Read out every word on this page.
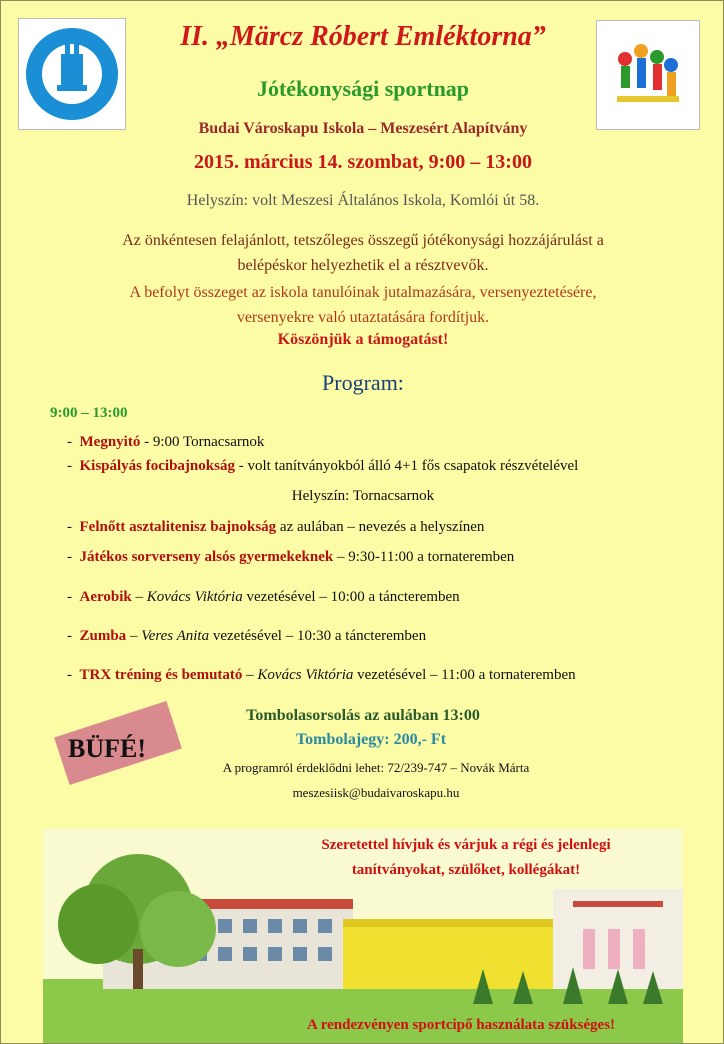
II. „Märcz Róbert Emléktorna”
Jótékonysági sportnap
Budai Városkapu Iskola – Meszesért Alapítvány
2015. március 14. szombat, 9:00 – 13:00
Helyszín: volt Meszesi Általános Iskola, Komlói út 58.
Az önkéntesen felajánlott, tetszőleges összegű jótékonysági hozzájárulást a
belépéskor helyezhetik el a résztvevők.
A befolyt összeget az iskola tanulóinak jutalmazására, versenyeztetésére,
versenyekre való utaztatására fordítjuk.
Köszönjük a támogatást!
Program:
9:00 – 13:00
-  Megnyitó - 9:00 Tornacsarnok
-  Kispályás focibajnokság - volt tanítványokból álló 4+1 fős csapatok részvételével
Helyszín: Tornacsarnok
-  Felnőtt asztalitenisz bajnokság az aulában – nevezés a helyszínen
-  Játékos sorverseny alsós gyermekeknek – 9:30-11:00 a tornateremben
-  Aerobik – Kovács Viktória vezetésével – 10:00 a táncteremben
-  Zumba – Veres Anita vezetésével – 10:30 a táncteremben
-  TRX tréning és bemutató – Kovács Viktória vezetésével – 11:00 a tornateremben
Tombolasorsolás az aulában 13:00
Tombolajegy: 200,- Ft
BÜFÉ!
A programról érdeklődni lehet: 72/239-747 – Novák Márta
meszesiisk@budaivaroskapu.hu
Szeretettel hívjuk és várjuk a régi és jelenlegi
tanítványokat, szülőket, kollégákat!
A rendezvényen sportcipő használata szükséges!
